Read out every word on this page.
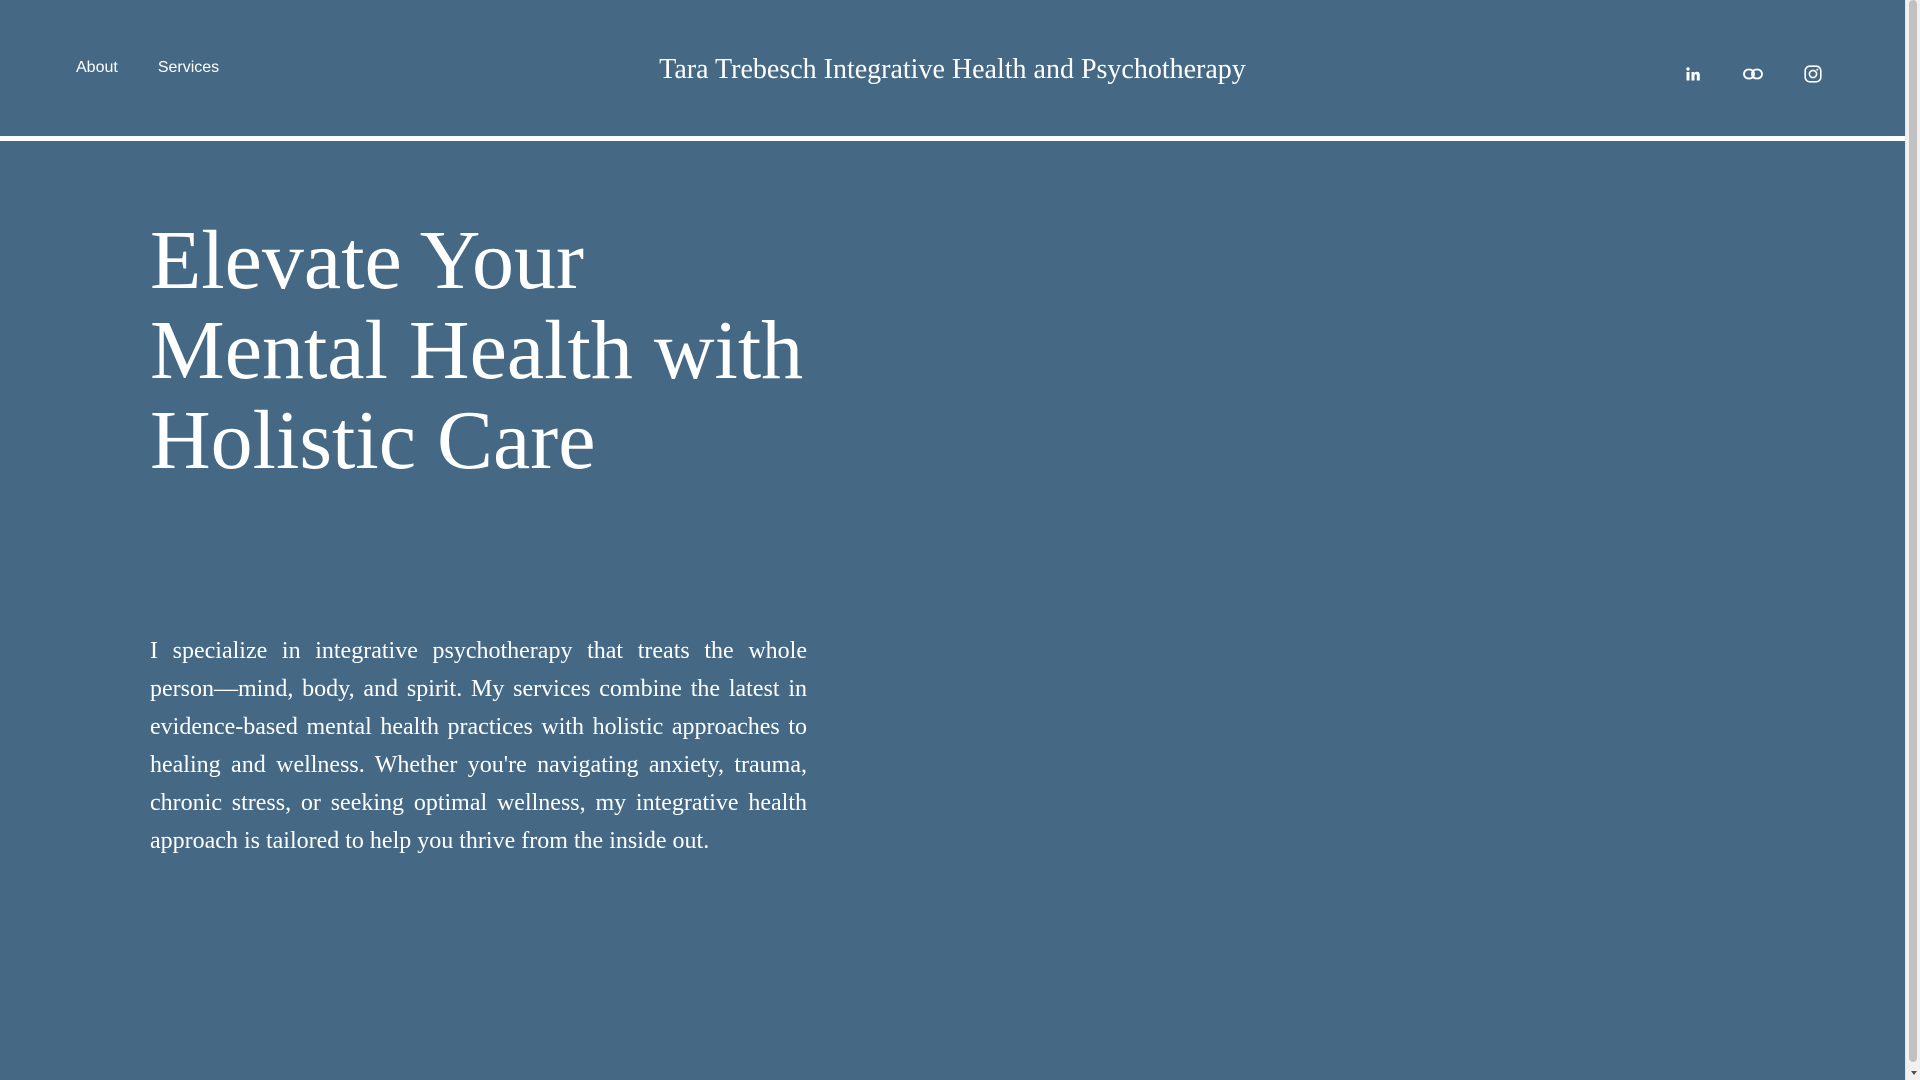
About	Services	Tara Trebesch Integrative Health and Psychotherapy
Elevate Your Mental Health with Holistic Care

I specialize in integrative psychotherapy that treats the whole person—mind, body, and spirit. My services combine the latest in evidence-based mental health practices with holistic approaches to healing and wellness. Whether you're navigating anxiety, trauma, chronic stress, or seeking optimal wellness, my integrative health approach is tailored to help you thrive from the inside out.
